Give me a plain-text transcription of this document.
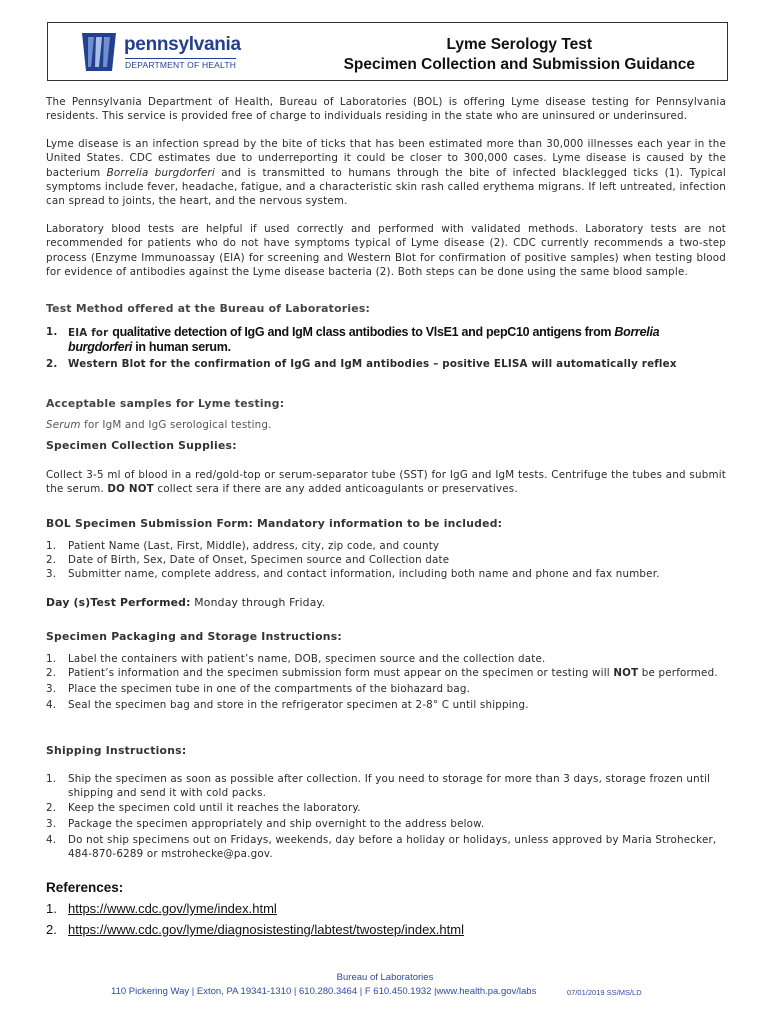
pennsylvania
DEPARTMENT OF HEALTH
Lyme Serology Test
Specimen Collection and Submission Guidance
The Pennsylvania Department of Health, Bureau of Laboratories (BOL) is offering Lyme disease testing for Pennsylvania residents. This service is provided free of charge to individuals residing in the state who are uninsured or underinsured.
Lyme disease is an infection spread by the bite of ticks that has been estimated more than 30,000 illnesses each year in the United States. CDC estimates due to underreporting it could be closer to 300,000 cases. Lyme disease is caused by the bacterium Borrelia burgdorferi and is transmitted to humans through the bite of infected blacklegged ticks (1). Typical symptoms include fever, headache, fatigue, and a characteristic skin rash called erythema migrans. If left untreated, infection can spread to joints, the heart, and the nervous system.
Laboratory blood tests are helpful if used correctly and performed with validated methods. Laboratory tests are not recommended for patients who do not have symptoms typical of Lyme disease (2). CDC currently recommends a two-step process (Enzyme Immunoassay (EIA) for screening and Western Blot for confirmation of positive samples) when testing blood for evidence of antibodies against the Lyme disease bacteria (2). Both steps can be done using the same blood sample.
Test Method offered at the Bureau of Laboratories:
1. EIA for qualitative detection of IgG and IgM class antibodies to VlsE1 and pepC10 antigens from Borrelia burgdorferi in human serum.
2. Western Blot for the confirmation of IgG and IgM antibodies – positive ELISA will automatically reflex
Acceptable samples for Lyme testing:
Serum for IgM and IgG serological testing.
Specimen Collection Supplies:
Collect 3-5 ml of blood in a red/gold-top or serum-separator tube (SST) for IgG and IgM tests. Centrifuge the tubes and submit the serum. DO NOT collect sera if there are any added anticoagulants or preservatives.
BOL Specimen Submission Form: Mandatory information to be included:
1. Patient Name (Last, First, Middle), address, city, zip code, and county
2. Date of Birth, Sex, Date of Onset, Specimen source and Collection date
3. Submitter name, complete address, and contact information, including both name and phone and fax number.
Day (s)Test Performed: Monday through Friday.
Specimen Packaging and Storage Instructions:
1. Label the containers with patient’s name, DOB, specimen source and the collection date.
2. Patient’s information and the specimen submission form must appear on the specimen or testing will NOT be performed.
3. Place the specimen tube in one of the compartments of the biohazard bag.
4. Seal the specimen bag and store in the refrigerator specimen at 2-8° C until shipping.
Shipping Instructions:
1. Ship the specimen as soon as possible after collection. If you need to storage for more than 3 days, storage frozen until shipping and send it with cold packs.
2. Keep the specimen cold until it reaches the laboratory.
3. Package the specimen appropriately and ship overnight to the address below.
4. Do not ship specimens out on Fridays, weekends, day before a holiday or holidays, unless approved by Maria Strohecker, 484-870-6289 or mstrohecke@pa.gov.
References:
1. https://www.cdc.gov/lyme/index.html
2. https://www.cdc.gov/lyme/diagnosistesting/labtest/twostep/index.html
Bureau of Laboratories
110 Pickering Way | Exton, PA 19341-1310 | 610.280.3464 | F 610.450.1932 |www.health.pa.gov/labs	07/01/2019 SS/MS/LD
